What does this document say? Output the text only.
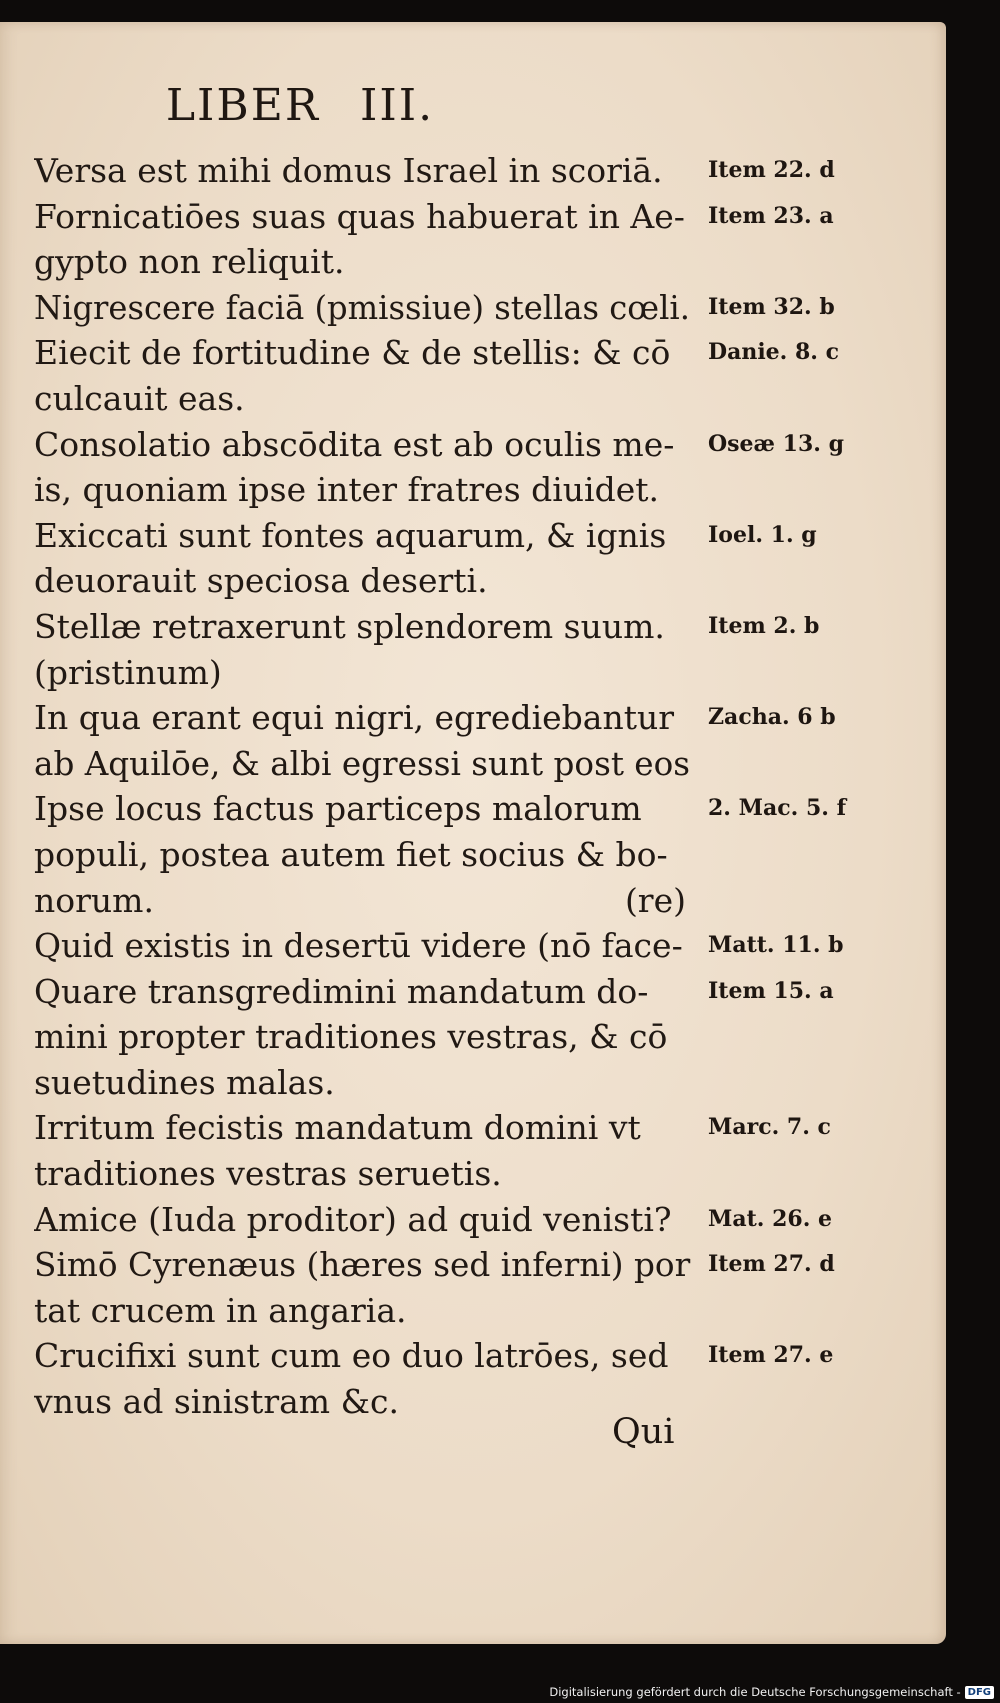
LIBER III.
Versa est mihi domus Israel in scoriā.
Fornicatiōes suas quas habuerat in Ae-
gypto non reliquit.
Nigrescere faciā (pmissiue) stellas cœli.
Eiecit de fortitudine & de stellis: & cō
culcauit eas.
Consolatio abscōdita est ab oculis me-
is, quoniam ipse inter fratres diuidet.
Exiccati sunt fontes aquarum, & ignis
deuorauit speciosa deserti.
Stellæ retraxerunt splendorem suum.
(pristinum)
In qua erant equi nigri, egrediebantur
ab Aquilōe, & albi egressi sunt post eos
Ipse locus factus particeps malorum
populi, postea autem fiet socius & bo-
norum.	(re)
Quid existis in desertū videre (nō face-
Quare transgredimini mandatum do-
mini propter traditiones vestras, & cō
suetudines malas.
Irritum fecistis mandatum domini vt
traditiones vestras seruetis.
Amice (Iuda proditor) ad quid venisti?
Simō Cyrenæus (hæres sed inferni) por
tat crucem in angaria.
Crucifixi sunt cum eo duo latrōes, sed
vnus ad sinistram &c.
Item 22. d
Item 23. a
Item 32. b
Danie. 8. c
Oseæ 13. g
Ioel. 1. g
Item 2. b
Zacha. 6 b
2. Mac. 5. f
Matt. 11. b
Item 15. a
Marc. 7. c
Mat. 26. e
Item 27. d
Item 27. e
Qui
Digitalisierung gefördert durch die Deutsche Forschungsgemeinschaft - DFG
